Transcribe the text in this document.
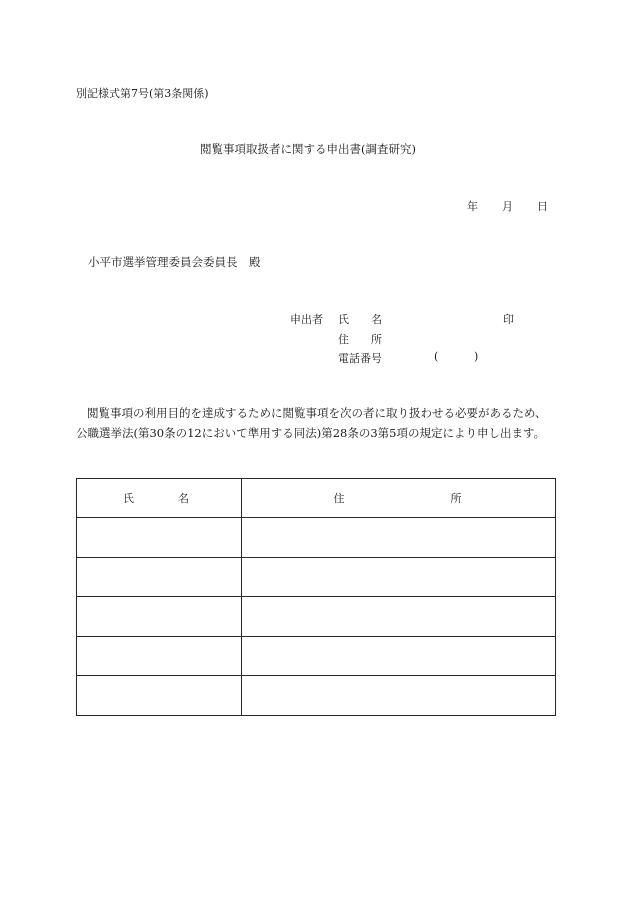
別記様式第7号(第3条関係)
閲覧事項取扱者に関する申出書(調査研究)
年 月 日
小平市選挙管理委員会委員長　殿
申出者 氏　　名	印
住　　所
電話番号	(	)
閲覧事項の利用目的を達成するために閲覧事項を次の者に取り扱わせる必要があるため、公職選挙法(第30条の12において準用する同法)第28条の3第5項の規定により申し出ます。
氏 名	住 所
